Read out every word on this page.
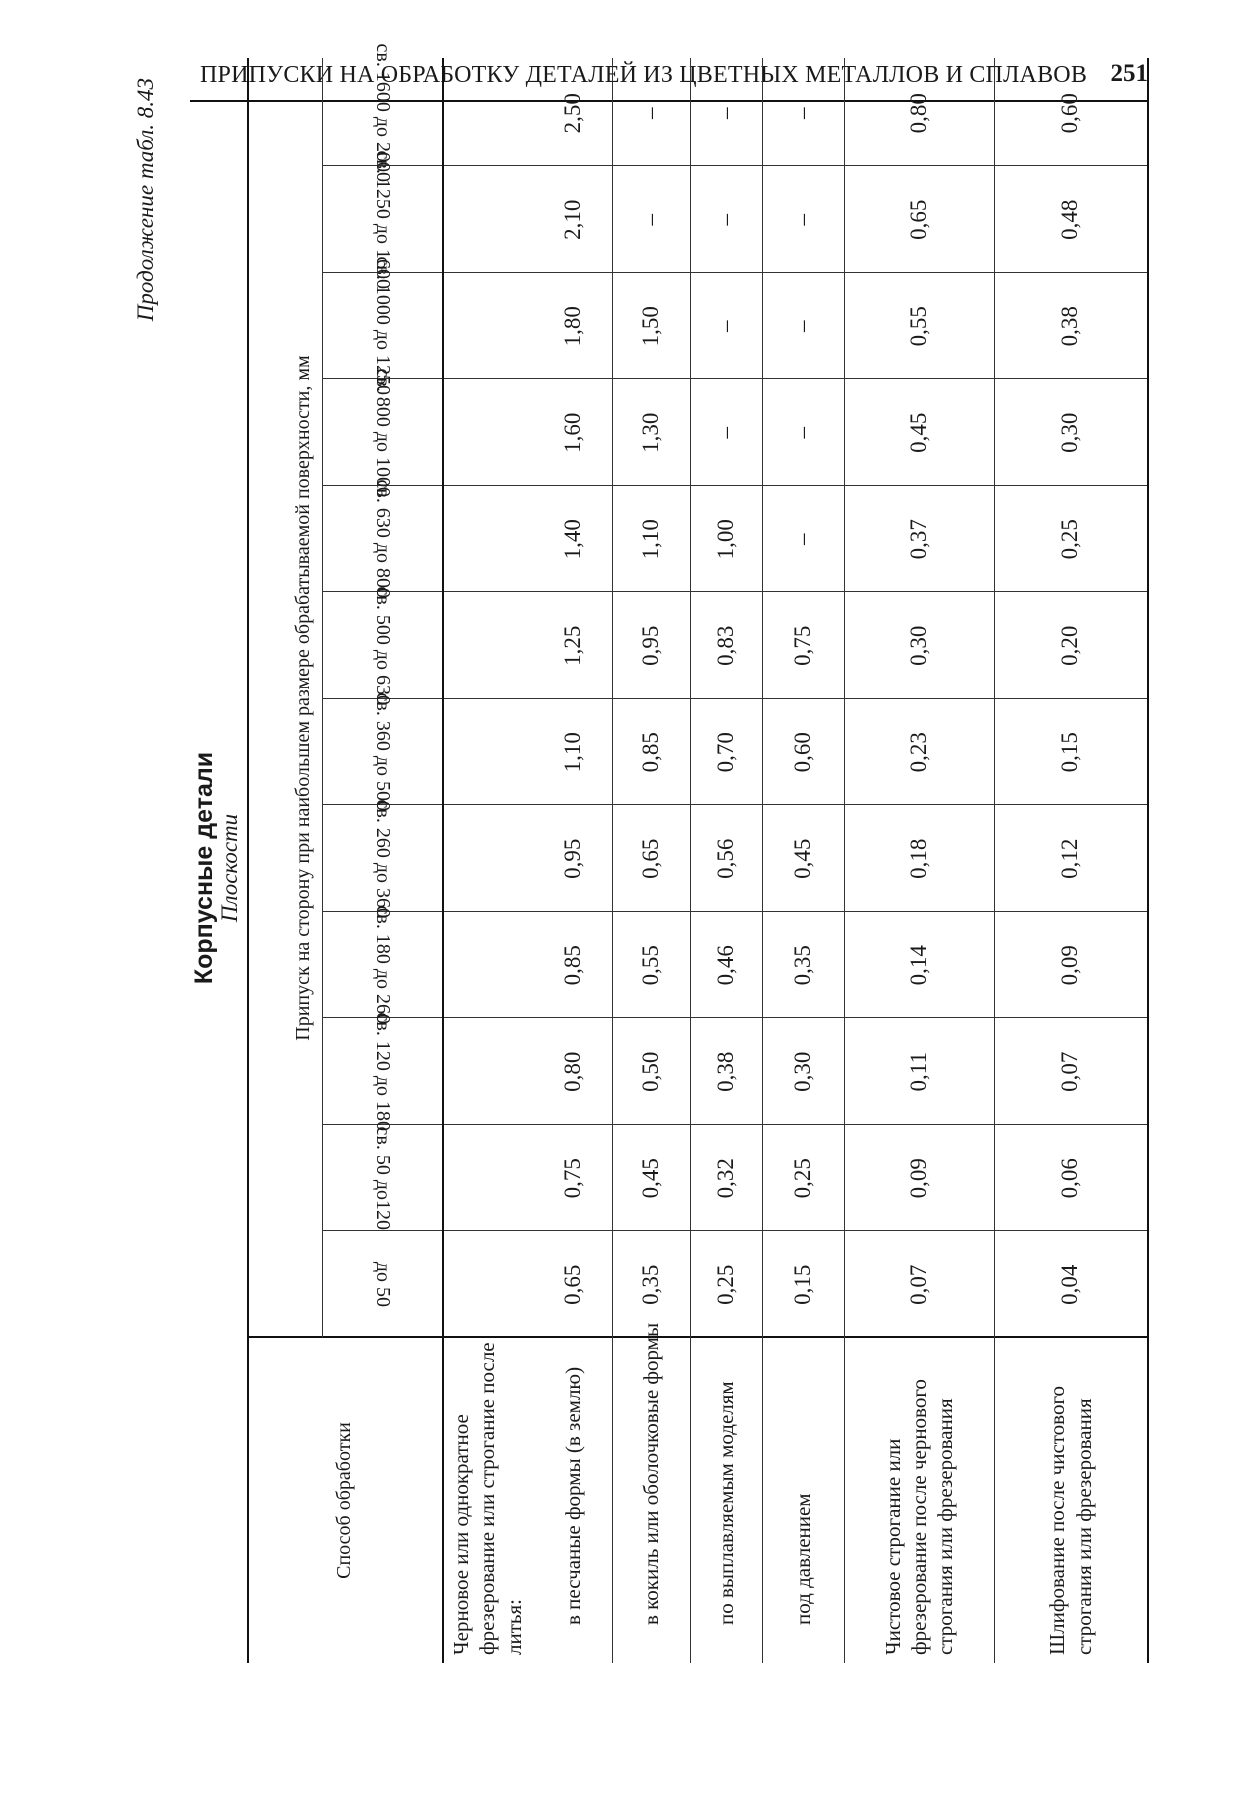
ПРИПУСКИ НА ОБРАБОТКУ ДЕТАЛЕЙ ИЗ ЦВЕТНЫХ МЕТАЛЛОВ И СПЛАВОВ 251
Продолжение табл. 8.43
Корпусные детали Плоскости
Способ обработки
Припуск на сторону при наибольшем размере обрабатываемой поверхности, мм
до 50
св. 50 до120
св. 120 до 180
св. 180 до 260
св. 260 до 360
св. 360 до 500
св. 500 до 630
св. 630 до 800
св. 800 до 1000
св. 1000 до 1250
св. 1250 до 1600
св. 1600 до 2000
Черновое или однократное фрезерование или строгание после литья:
в песчаные формы (в землю)
0,65
0,75
0,80
0,85
0,95
1,10
1,25
1,40
1,60
1,80
2,10
2,50
в кокиль или оболочковые формы
0,35
0,45
0,50
0,55
0,65
0,85
0,95
1,10
1,30
1,50
–
–
по выплавляемым моделям
0,25
0,32
0,38
0,46
0,56
0,70
0,83
1,00
–
–
–
–
под давлением
0,15
0,25
0,30
0,35
0,45
0,60
0,75
–
–
–
–
–
Чистовое строгание или фрезерование после чернового строгания или фрезерования
0,07
0,09
0,11
0,14
0,18
0,23
0,30
0,37
0,45
0,55
0,65
0,80
Шлифование после чистового строгания или фрезерования
0,04
0,06
0,07
0,09
0,12
0,15
0,20
0,25
0,30
0,38
0,48
0,60
